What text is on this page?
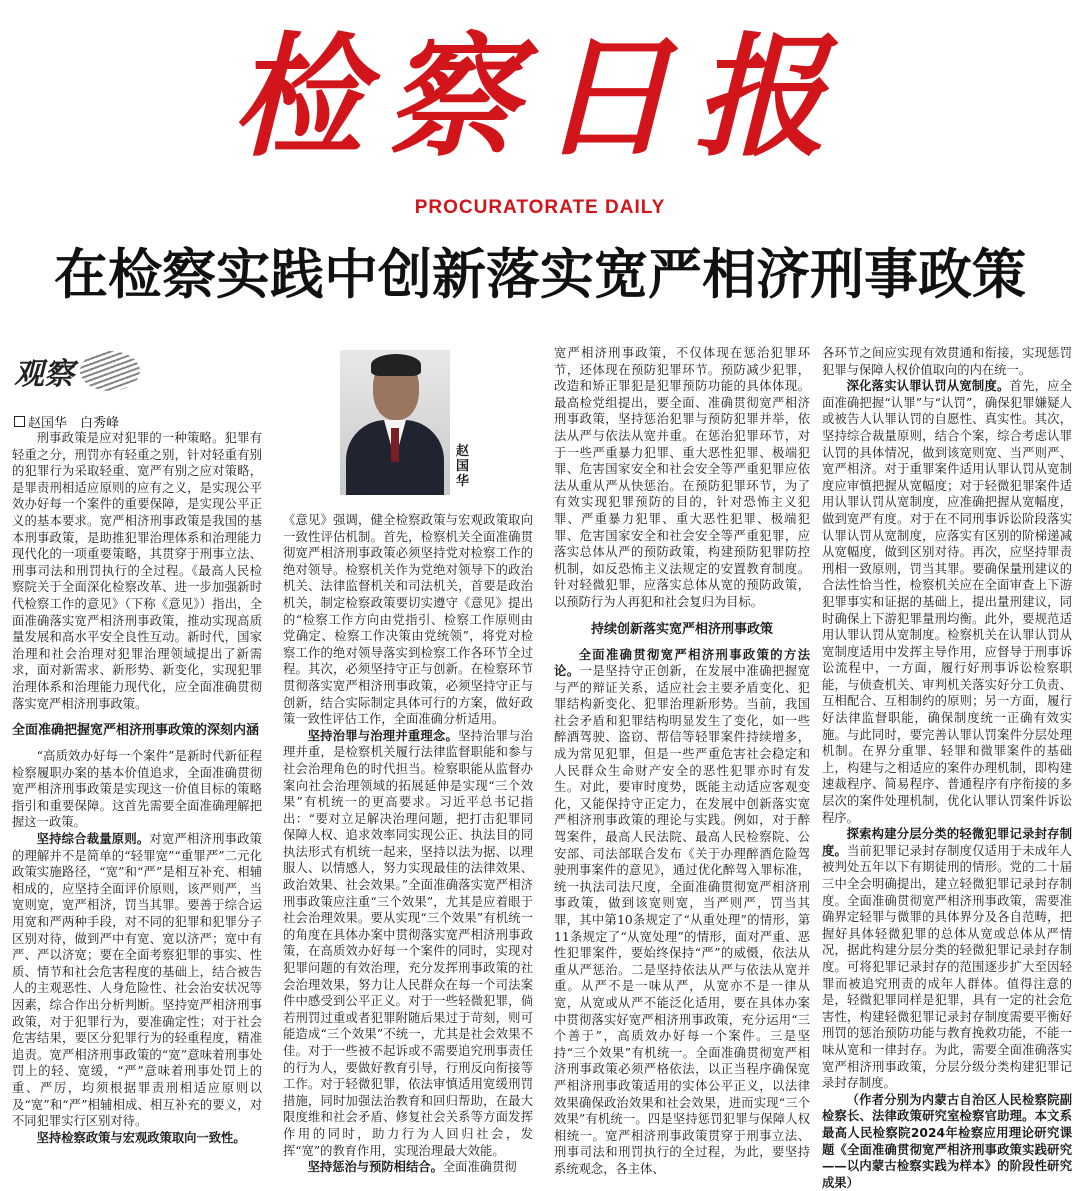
检察日报
PROCURATORATE DAILY
在检察实践中创新落实宽严相济刑事政策
观察
赵国华　白秀峰
赵国华

刑事政策是应对犯罪的一种策略。犯罪有轻重之分，刑罚亦有轻重之别，针对轻重有别的犯罪行为采取轻重、宽严有别之应对策略，是罪责刑相适应原则的应有之义，是实现公平效办好每一个案件的重要保障，是实现公平正义的基本要求。宽严相济刑事政策是我国的基本刑事政策，是助推犯罪治理体系和治理能力现代化的一项重要策略，其贯穿于刑事立法、刑事司法和刑罚执行的全过程。《最高人民检察院关于全面深化检察改革、进一步加强新时代检察工作的意见》（下称《意见》）指出，全面准确落实宽严相济刑事政策，推动实现高质量发展和高水平安全良性互动。新时代，国家治理和社会治理对犯罪治理领域提出了新需求，面对新需求、新形势、新变化，实现犯罪治理体系和治理能力现代化，应全面准确贯彻落实宽严相济刑事政策。

全面准确把握宽严相济刑事政策的深刻内涵

“高质效办好每一个案件”是新时代新征程检察履职办案的基本价值追求，全面准确贯彻宽严相济刑事政策是实现这一价值目标的策略指引和重要保障。这首先需要全面准确理解把握这一政策。

坚持综合裁量原则。对宽严相济刑事政策的理解并不是简单的“轻罪宽”“重罪严”二元化政策实施路径，“宽”和“严”是相互补充、相辅相成的，应坚持全面评价原则，该严则严，当宽则宽，宽严相济，罚当其罪。要善于综合运用宽和严两种手段，对不同的犯罪和犯罪分子区别对待，做到严中有宽、宽以济严；宽中有严、严以济宽；要在全面考察犯罪的事实、性质、情节和社会危害程度的基础上，结合被告人的主观恶性、人身危险性、社会治安状况等因素，综合作出分析判断。坚持宽严相济刑事政策，对于犯罪行为，要准确定性；对于社会危害结果，要区分犯罪行为的轻重程度，精准追责。宽严相济刑事政策的“宽”意味着刑事处罚上的轻、宽缓，“严”意味着刑事处罚上的重、严厉，均须根据罪责刑相适应原则以及“宽”和“严”相辅相成、相互补充的要义，对不同犯罪实行区别对待。

坚持检察政策与宏观政策取向一致性。

《意见》强调，健全检察政策与宏观政策取向一致性评估机制。首先，检察机关全面准确贯彻宽严相济刑事政策必须坚持党对检察工作的绝对领导。检察机关作为党绝对领导下的政治机关、法律监督机关和司法机关，首要是政治机关，制定检察政策要切实遵守《意见》提出的“检察工作方向由党指引、检察工作原则由党确定、检察工作决策由党统领”，将党对检察工作的绝对领导落实到检察工作各环节全过程。其次，必须坚持守正与创新。在检察环节贯彻落实宽严相济刑事政策，必须坚持守正与创新，结合实际制定具体可行的方案，做好政策一致性评估工作，全面准确分析适用。

坚持治罪与治理并重理念。坚持治罪与治理并重，是检察机关履行法律监督职能和参与社会治理角色的时代担当。检察职能从监督办案向社会治理领域的拓展延伸是实现“三个效果”有机统一的更高要求。习近平总书记指出：“要对立足解决治理问题，把打击犯罪同保障人权、追求效率同实现公正、执法目的同执法形式有机统一起来，坚持以法为据、以理服人、以情感人，努力实现最佳的法律效果、政治效果、社会效果。”全面准确落实宽严相济刑事政策应注重“三个效果”，尤其是应着眼于社会治理效果。要从实现“三个效果”有机统一的角度在具体办案中贯彻落实宽严相济刑事政策，在高质效办好每一个案件的同时，实现对犯罪问题的有效治理，充分发挥刑事政策的社会治理效果，努力让人民群众在每一个司法案件中感受到公平正义。对于一些轻微犯罪，倘若刑罚过重或者犯罪附随后果过于苛刻，则可能造成“三个效果”不统一，尤其是社会效果不佳。对于一些被不起诉或不需要追究刑事责任的行为人，要做好教育引导，行刑反向衔接等工作。对于轻微犯罪，依法审慎适用宽缓刑罚措施，同时加强法治教育和回归帮助，在最大限度维和社会矛盾、修复社会关系等方面发挥作用的同时，助力行为人回归社会，发挥“宽”的教育作用，实现治理最大效能。

坚持惩治与预防相结合。全面准确贯彻

宽严相济刑事政策，不仅体现在惩治犯罪环节，还体现在预防犯罪环节。预防减少犯罪，改造和矫正罪犯是犯罪预防功能的具体体现。最高检党组提出，要全面、准确贯彻宽严相济刑事政策，坚持惩治犯罪与预防犯罪并举，依法从严与依法从宽并重。在惩治犯罪环节，对于一些严重暴力犯罪、重大恶性犯罪、极端犯罪、危害国家安全和社会安全等严重犯罪应依法从重从严从快惩治。在预防犯罪环节，为了有效实现犯罪预防的目的，针对恐怖主义犯罪、严重暴力犯罪、重大恶性犯罪、极端犯罪、危害国家安全和社会安全等严重犯罪，应落实总体从严的预防政策，构建预防犯罪防控机制，如反恐怖主义法规定的安置教育制度。针对轻微犯罪，应落实总体从宽的预防政策，以预防行为人再犯和社会复归为目标。

持续创新落实宽严相济刑事政策

全面准确贯彻宽严相济刑事政策的方法论。一是坚持守正创新，在发展中准确把握宽与严的辩证关系，适应社会主要矛盾变化、犯罪结构新变化、犯罪治理新形势。当前，我国社会矛盾和犯罪结构明显发生了变化，如一些醉酒驾驶、盗窃、帮信等轻罪案件持续增多，成为常见犯罪，但是一些严重危害社会稳定和人民群众生命财产安全的恶性犯罪亦时有发生。对此，要审时度势，既能主动适应客观变化，又能保持守正定力，在发展中创新落实宽严相济刑事政策的理论与实践。例如，对于醉驾案件，最高人民法院、最高人民检察院、公安部、司法部联合发布《关于办理醉酒危险驾驶刑事案件的意见》，通过优化醉驾入罪标准，统一执法司法尺度，全面准确贯彻宽严相济刑事政策，做到该宽则宽，当严则严，罚当其罪，其中第10条规定了“从重处理”的情形，第11条规定了“从宽处理”的情形，面对严重、恶性犯罪案件，要始终保持“严”的威慑，依法从重从严惩治。二是坚持依法从严与依法从宽并重。从严不是一味从严，从宽亦不是一律从宽，从宽或从严不能泛化适用，要在具体办案中贯彻落实好宽严相济刑事政策，充分运用“三个善于”，高质效办好每一个案件。三是坚持“三个效果”有机统一。全面准确贯彻宽严相济刑事政策必须严格依法，以正当程序确保宽严相济刑事政策适用的实体公平正义，以法律效果确保政治效果和社会效果，进而实现“三个效果”有机统一。四是坚持惩罚犯罪与保障人权相统一。宽严相济刑事政策贯穿于刑事立法、刑事司法和刑罚执行的全过程，为此，要坚持系统观念，各主体、

各环节之间应实现有效贯通和衔接，实现惩罚犯罪与保障人权价值取向的内在统一。

深化落实认罪认罚从宽制度。首先，应全面准确把握“认罪”与“认罚”，确保犯罪嫌疑人或被告人认罪认罚的自愿性、真实性。其次，坚持综合裁量原则，结合个案，综合考虑认罪认罚的具体情况，做到该宽则宽、当严则严、宽严相济。对于重罪案件适用认罪认罚从宽制度应审慎把握从宽幅度；对于轻微犯罪案件适用认罪认罚从宽制度，应准确把握从宽幅度，做到宽严有度。对于在不同刑事诉讼阶段落实认罪认罚从宽制度，应落实有区别的阶梯递减从宽幅度，做到区别对待。再次，应坚持罪责刑相一致原则，罚当其罪。要确保量刑建议的合法性恰当性，检察机关应在全面审查上下游犯罪事实和证据的基础上，提出量刑建议，同时确保上下游犯罪量刑均衡。此外，要规范适用认罪认罚从宽制度。检察机关在认罪认罚从宽制度适用中发挥主导作用，应督导于刑事诉讼流程中，一方面，履行好刑事诉讼检察职能，与侦查机关、审判机关落实好分工负责、互相配合、互相制约的原则；另一方面，履行好法律监督职能，确保制度统一正确有效实施。与此同时，要完善认罪认罚案件分层处理机制。在界分重罪、轻罪和微罪案件的基础上，构建与之相适应的案件办理机制，即构建速裁程序、简易程序、普通程序有序衔接的多层次的案件处理机制，优化认罪认罚案件诉讼程序。

探索构建分层分类的轻微犯罪记录封存制度。当前犯罪记录封存制度仅适用于未成年人被判处五年以下有期徒刑的情形。党的二十届三中全会明确提出，建立轻微犯罪记录封存制度。全面准确贯彻宽严相济刑事政策，需要准确界定轻罪与微罪的具体界分及各自范畴，把握好具体轻微犯罪的总体从宽或总体从严情况，据此构建分层分类的轻微犯罪记录封存制度。可将犯罪记录封存的范围逐步扩大至因轻罪而被追究刑责的成年人群体。值得注意的是，轻微犯罪同样是犯罪，具有一定的社会危害性，构建轻微犯罪记录封存制度需要平衡好刑罚的惩治预防功能与教育挽救功能，不能一味从宽和一律封存。为此，需要全面准确落实宽严相济刑事政策，分层分级分类构建犯罪记录封存制度。

（作者分别为内蒙古自治区人民检察院副检察长、法律政策研究室检察官助理。本文系最高人民检察院2024年检察应用理论研究课题《全面准确贯彻宽严相济刑事政策实践研究——以内蒙古检察实践为样本》的阶段性研究成果）
